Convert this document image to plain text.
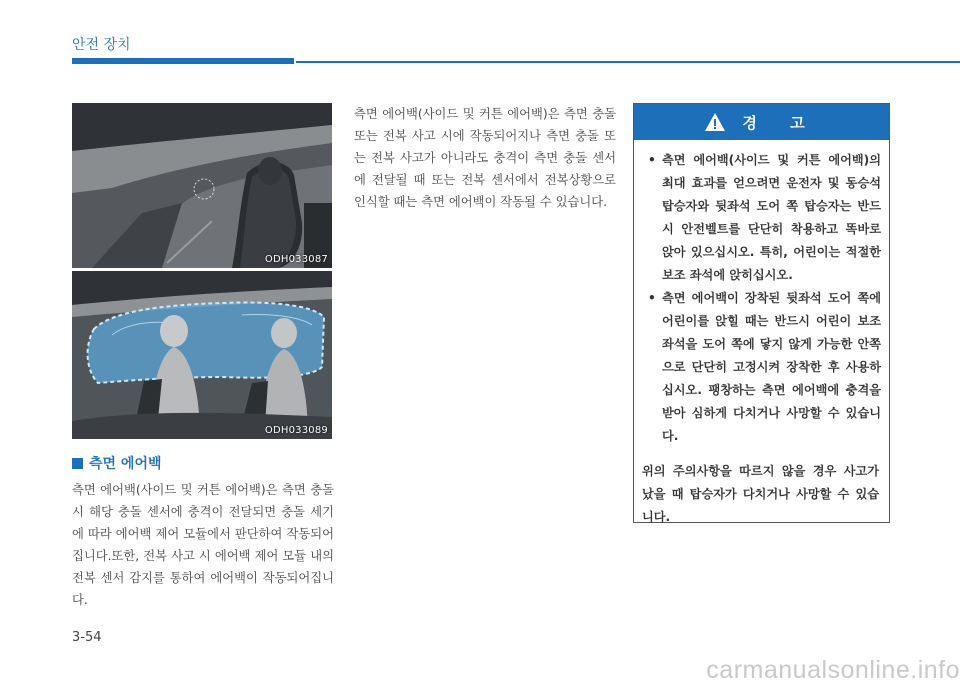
안전 장치
ODH033087
ODH033089
측면 에어백
측면 에어백(사이드 및 커튼 에어백)은 측면 충돌 시 해당 충돌 센서에 충격이 전달되면 충돌 세기에 따라 에어백 제어 모듈에서 판단하여 작동되어집니다.또한, 전복 사고 시 에어백 제어 모듈 내의 전복 센서 감지를 통하여 에어백이 작동되어집니다.
측면 에어백(사이드 및 커튼 에어백)은 측면 충돌 또는 전복 사고 시에 작동되어지나 측면 충돌 또는 전복 사고가 아니라도 충격이 측면 충돌 센서에 전달될 때 또는 전복 센서에서 전복상황으로 인식할 때는 측면 에어백이 작동될 수 있습니다.
경 고
• 측면 에어백(사이드 및 커튼 에어백)의 최대 효과를 얻으려면 운전자 및 동승석 탑승자와 뒷좌석 도어 쪽 탑승자는 반드시 안전벨트를 단단히 착용하고 똑바로 앉아 있으십시오. 특히, 어린이는 적절한 보조 좌석에 앉히십시오.
• 측면 에어백이 장착된 뒷좌석 도어 쪽에 어린이를 앉힐 때는 반드시 어린이 보조 좌석을 도어 쪽에 닿지 않게 가능한 안쪽으로 단단히 고정시켜 장착한 후 사용하십시오. 팽창하는 측면 에어백에 충격을 받아 심하게 다치거나 사망할 수 있습니다.
위의 주의사항을 따르지 않을 경우 사고가 났을 때 탑승자가 다치거나 사망할 수 있습니다.
3-54
carmanualsonline.info
